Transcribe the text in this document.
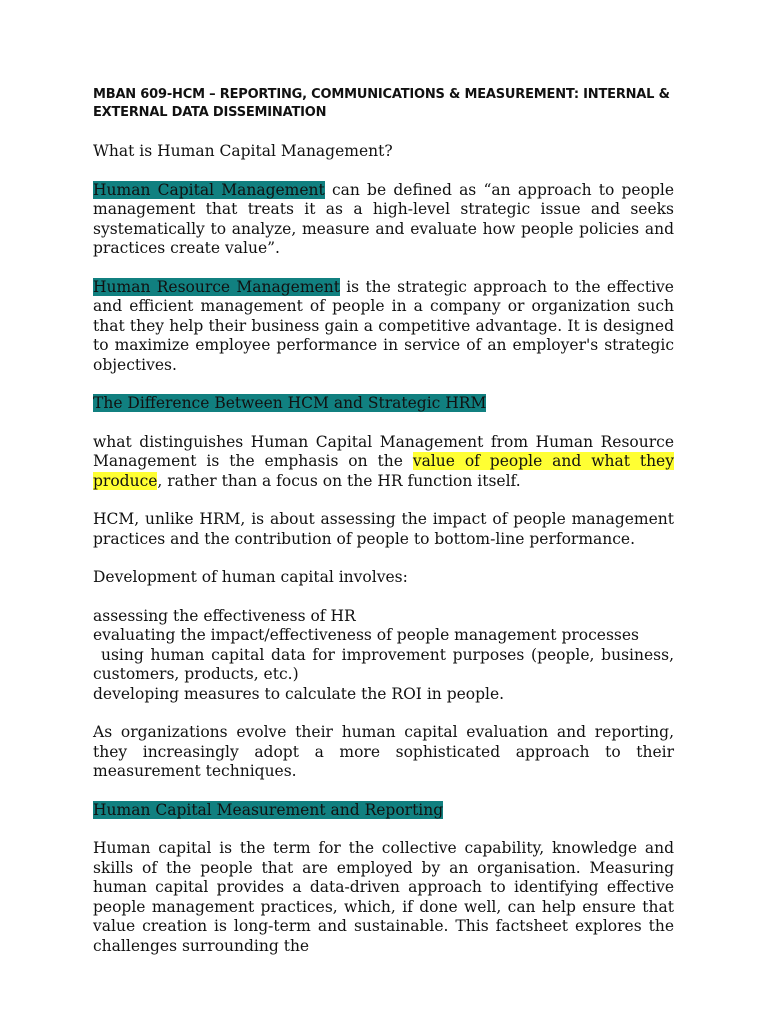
MBAN 609-HCM – REPORTING, COMMUNICATIONS & MEASUREMENT: INTERNAL & EXTERNAL DATA DISSEMINATION

What is Human Capital Management?

Human Capital Management can be defined as “an approach to people management that treats it as a high-level strategic issue and seeks systematically to analyze, measure and evaluate how people policies and practices create value”.

Human Resource Management is the strategic approach to the effective and efficient management of people in a company or organization such that they help their business gain a competitive advantage. It is designed to maximize employee performance in service of an employer's strategic objectives.

The Difference Between HCM and Strategic HRM

what distinguishes Human Capital Management from Human Resource Management is the emphasis on the value of people and what they produce, rather than a focus on the HR function itself.

HCM, unlike HRM, is about assessing the impact of people management practices and the contribution of people to bottom-line performance.

Development of human capital involves:

assessing the effectiveness of HR
evaluating the impact/effectiveness of people management processes
using human capital data for improvement purposes (people, business, customers, products, etc.)
developing measures to calculate the ROI in people.

As organizations evolve their human capital evaluation and reporting, they increasingly adopt a more sophisticated approach to their measurement techniques.

Human Capital Measurement and Reporting

Human capital is the term for the collective capability, knowledge and skills of the people that are employed by an organisation. Measuring human capital provides a data-driven approach to identifying effective people management practices, which, if done well, can help ensure that value creation is long-term and sustainable. This factsheet explores the challenges surrounding the
